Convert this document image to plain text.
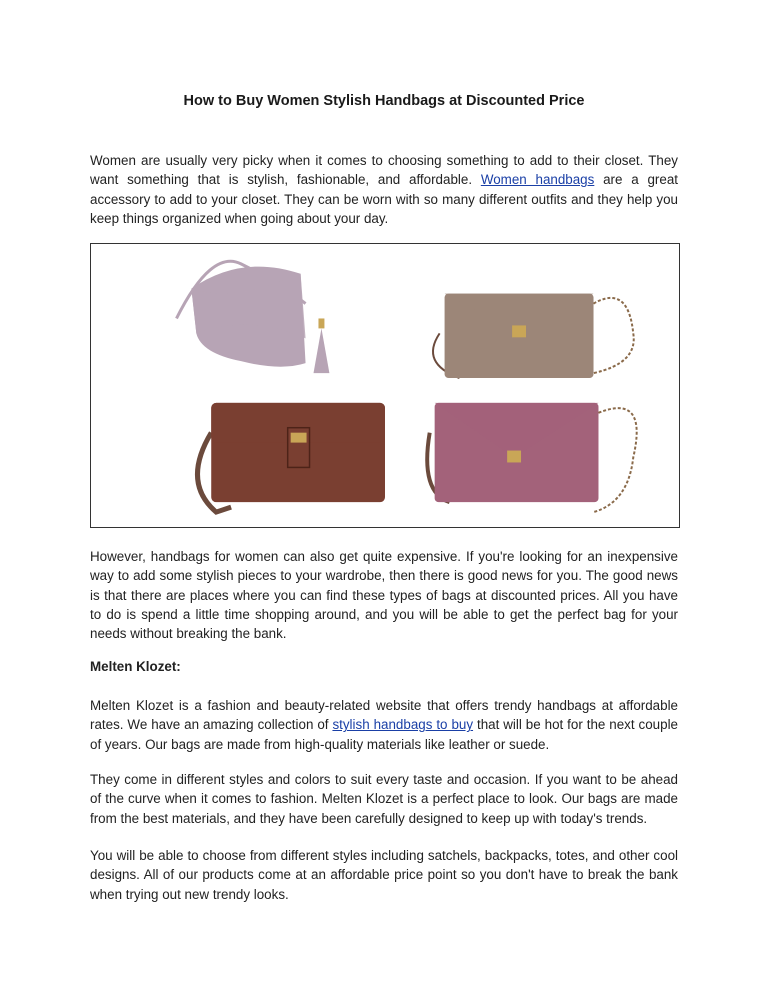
How to Buy Women Stylish Handbags at Discounted Price

Women are usually very picky when it comes to choosing something to add to their closet. They want something that is stylish, fashionable, and affordable. Women handbags are a great accessory to add to your closet. They can be worn with so many different outfits and they help you keep things organized when going about your day.

However, handbags for women can also get quite expensive. If you're looking for an inexpensive way to add some stylish pieces to your wardrobe, then there is good news for you. The good news is that there are places where you can find these types of bags at discounted prices. All you have to do is spend a little time shopping around, and you will be able to get the perfect bag for your needs without breaking the bank.

Melten Klozet:

Melten Klozet is a fashion and beauty-related website that offers trendy handbags at affordable rates. We have an amazing collection of stylish handbags to buy that will be hot for the next couple of years. Our bags are made from high-quality materials like leather or suede.

They come in different styles and colors to suit every taste and occasion. If you want to be ahead of the curve when it comes to fashion. Melten Klozet is a perfect place to look. Our bags are made from the best materials, and they have been carefully designed to keep up with today's trends.

You will be able to choose from different styles including satchels, backpacks, totes, and other cool designs. All of our products come at an affordable price point so you don't have to break the bank when trying out new trendy looks.
